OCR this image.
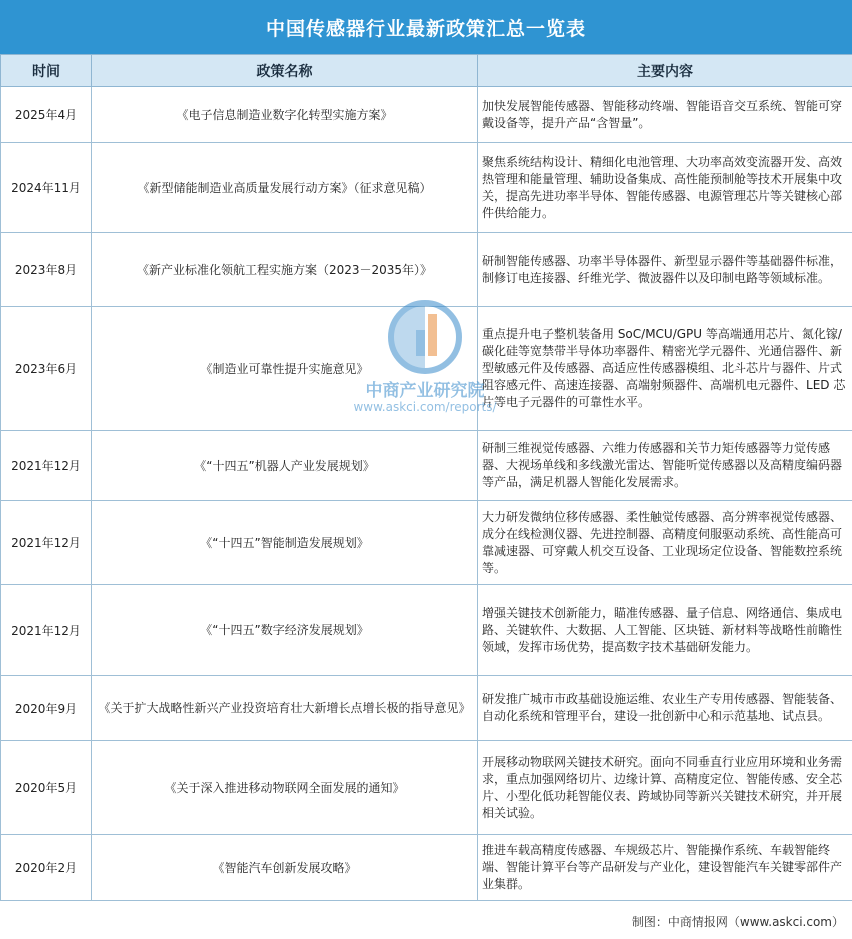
中国传感器行业最新政策汇总一览表
时间	政策名称	主要内容
2025年4月	《电子信息制造业数字化转型实施方案》	加快发展智能传感器、智能移动终端、智能语音交互系统、智能可穿戴设备等，提升产品“含智量”。
2024年11月	《新型储能制造业高质量发展行动方案》（征求意见稿）	聚焦系统结构设计、精细化电池管理、大功率高效变流器开发、高效热管理和能量管理、辅助设备集成、高性能预制舱等技术开展集中攻关，提高先进功率半导体、智能传感器、电源管理芯片等关键核心部件供给能力。
2023年8月	《新产业标准化领航工程实施方案（2023－2035年）》	研制智能传感器、功率半导体器件、新型显示器件等基础器件标准，制修订电连接器、纤维光学、微波器件以及印制电路等领域标准。
2023年6月	《制造业可靠性提升实施意见》	重点提升电子整机装备用 SoC/MCU/GPU 等高端通用芯片、氮化镓/碳化硅等宽禁带半导体功率器件、精密光学元器件、光通信器件、新型敏感元件及传感器、高适应性传感器模组、北斗芯片与器件、片式阻容感元件、高速连接器、高端射频器件、高端机电元器件、LED 芯片等电子元器件的可靠性水平。
2021年12月	《“十四五”机器人产业发展规划》	研制三维视觉传感器、六维力传感器和关节力矩传感器等力觉传感器、大视场单线和多线激光雷达、智能听觉传感器以及高精度编码器等产品，满足机器人智能化发展需求。
2021年12月	《“十四五”智能制造发展规划》	大力研发微纳位移传感器、柔性触觉传感器、高分辨率视觉传感器、成分在线检测仪器、先进控制器、高精度伺服驱动系统、高性能高可靠减速器、可穿戴人机交互设备、工业现场定位设备、智能数控系统等。
2021年12月	《“十四五”数字经济发展规划》	增强关键技术创新能力，瞄准传感器、量子信息、网络通信、集成电路、关键软件、大数据、人工智能、区块链、新材料等战略性前瞻性领域，发挥市场优势，提高数字技术基础研发能力。
2020年9月	《关于扩大战略性新兴产业投资培育壮大新增长点增长极的指导意见》	研发推广城市市政基础设施运维、农业生产专用传感器、智能装备、自动化系统和管理平台，建设一批创新中心和示范基地、试点县。
2020年5月	《关于深入推进移动物联网全面发展的通知》	开展移动物联网关键技术研究。面向不同垂直行业应用环境和业务需求，重点加强网络切片、边缘计算、高精度定位、智能传感、安全芯片、小型化低功耗智能仪表、跨域协同等新兴关键技术研究，并开展相关试验。
2020年2月	《智能汽车创新发展攻略》	推进车载高精度传感器、车规级芯片、智能操作系统、车载智能终端、智能计算平台等产品研发与产业化，建设智能汽车关键零部件产业集群。
制图：中商情报网（www.askci.com）
中商产业研究院
www.askci.com/reports/
